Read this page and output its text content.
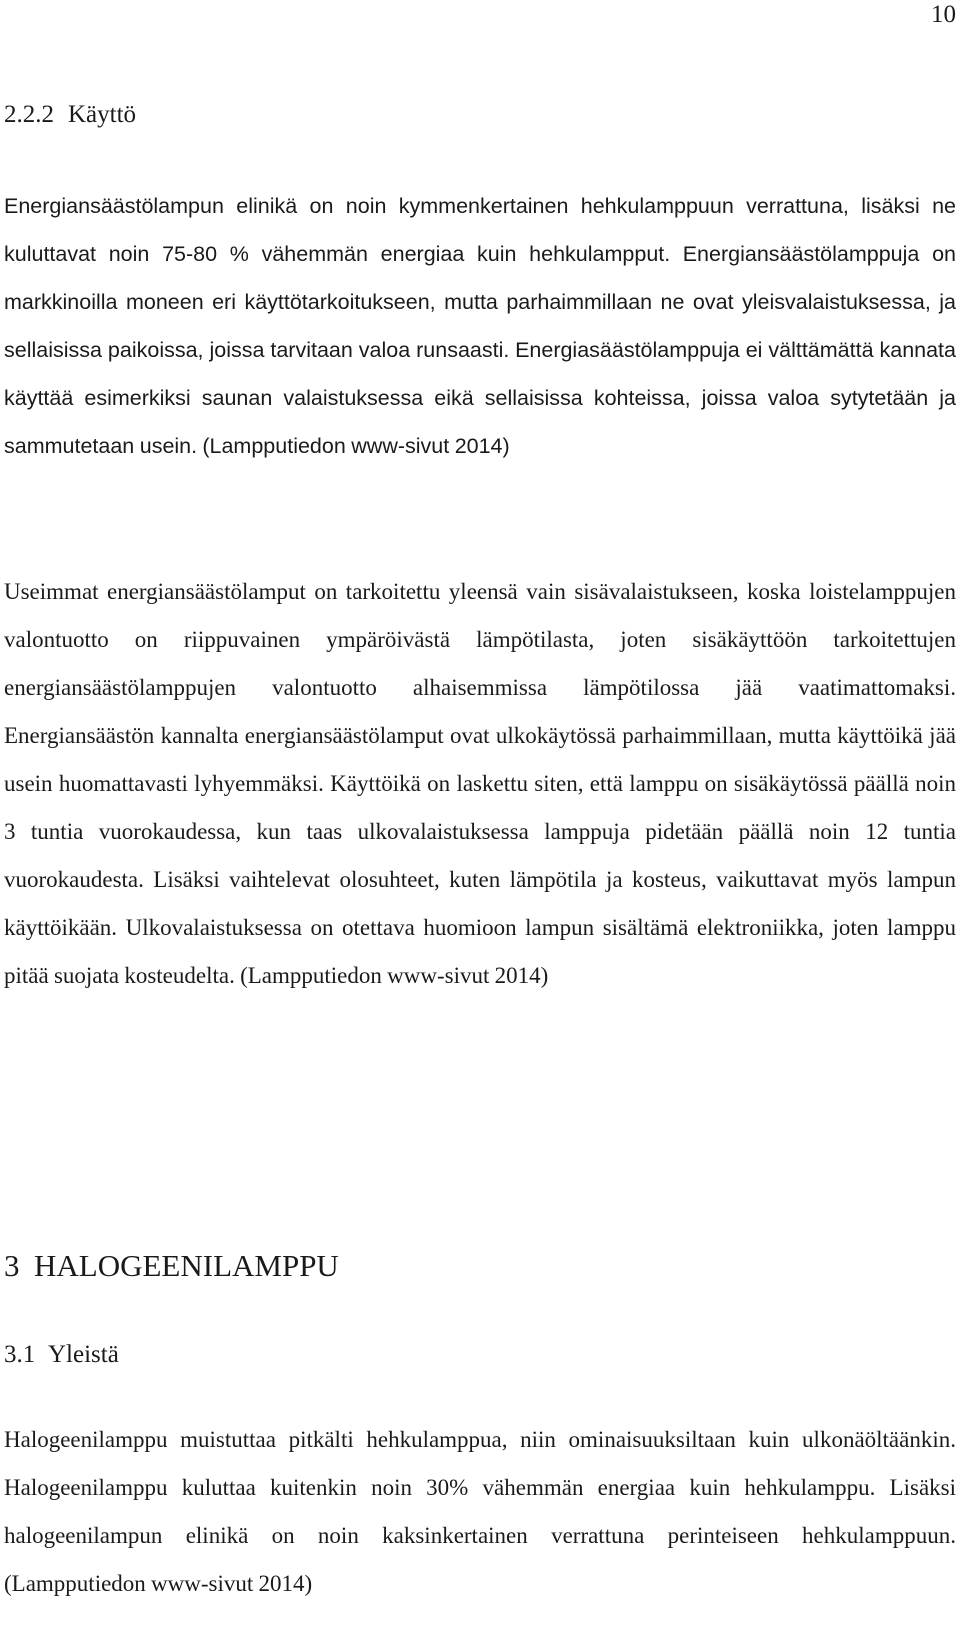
10
2.2.2 Käyttö

Energiansäästölampun elinikä on noin kymmenkertainen hehkulamppuun verrattuna, lisäksi ne kuluttavat noin 75-80 % vähemmän energiaa kuin hehkulampput. Energiansäästölamppuja on markkinoilla moneen eri käyttötarkoitukseen, mutta parhaimmillaan ne ovat yleisvalaistuksessa, ja sellaisissa paikoissa, joissa tarvitaan valoa runsaasti. Energiasäästölamppuja ei välttämättä kannata käyttää esimerkiksi saunan valaistuksessa eikä sellaisissa kohteissa, joissa valoa sytytetään ja sammutetaan usein. (Lampputiedon www-sivut 2014)

Useimmat energiansäästölamput on tarkoitettu yleensä vain sisävalaistukseen, koska loistelamppujen valontuotto on riippuvainen ympäröivästä lämpötilasta, joten sisäkäyttöön tarkoitettujen energiansäästölamppujen valontuotto alhaisemmissa lämpötilossa jää vaatimattomaksi. Energiansäästön kannalta energiansäästölamput ovat ulkokäytössä parhaimmillaan, mutta käyttöikä jää usein huomattavasti lyhyemmäksi. Käyttöikä on laskettu siten, että lamppu on sisäkäytössä päällä noin 3 tuntia vuorokaudessa, kun taas ulkovalaistuksessa lamppuja pidetään päällä noin 12 tuntia vuorokaudesta. Lisäksi vaihtelevat olosuhteet, kuten lämpötila ja kosteus, vaikuttavat myös lampun käyttöikään. Ulkovalaistuksessa on otettava huomioon lampun sisältämä elektroniikka, joten lamppu pitää suojata kosteudelta. (Lampputiedon www-sivut 2014)

3 HALOGEENILAMPPU
3.1 Yleistä

Halogeenilamppu muistuttaa pitkälti hehkulamppua, niin ominaisuuksiltaan kuin ulkonäöltäänkin. Halogeenilamppu kuluttaa kuitenkin noin 30% vähemmän energiaa kuin hehkulamppu. Lisäksi halogeenilampun elinikä on noin kaksinkertainen verrattuna perinteiseen hehkulamppuun. (Lampputiedon www-sivut 2014)
